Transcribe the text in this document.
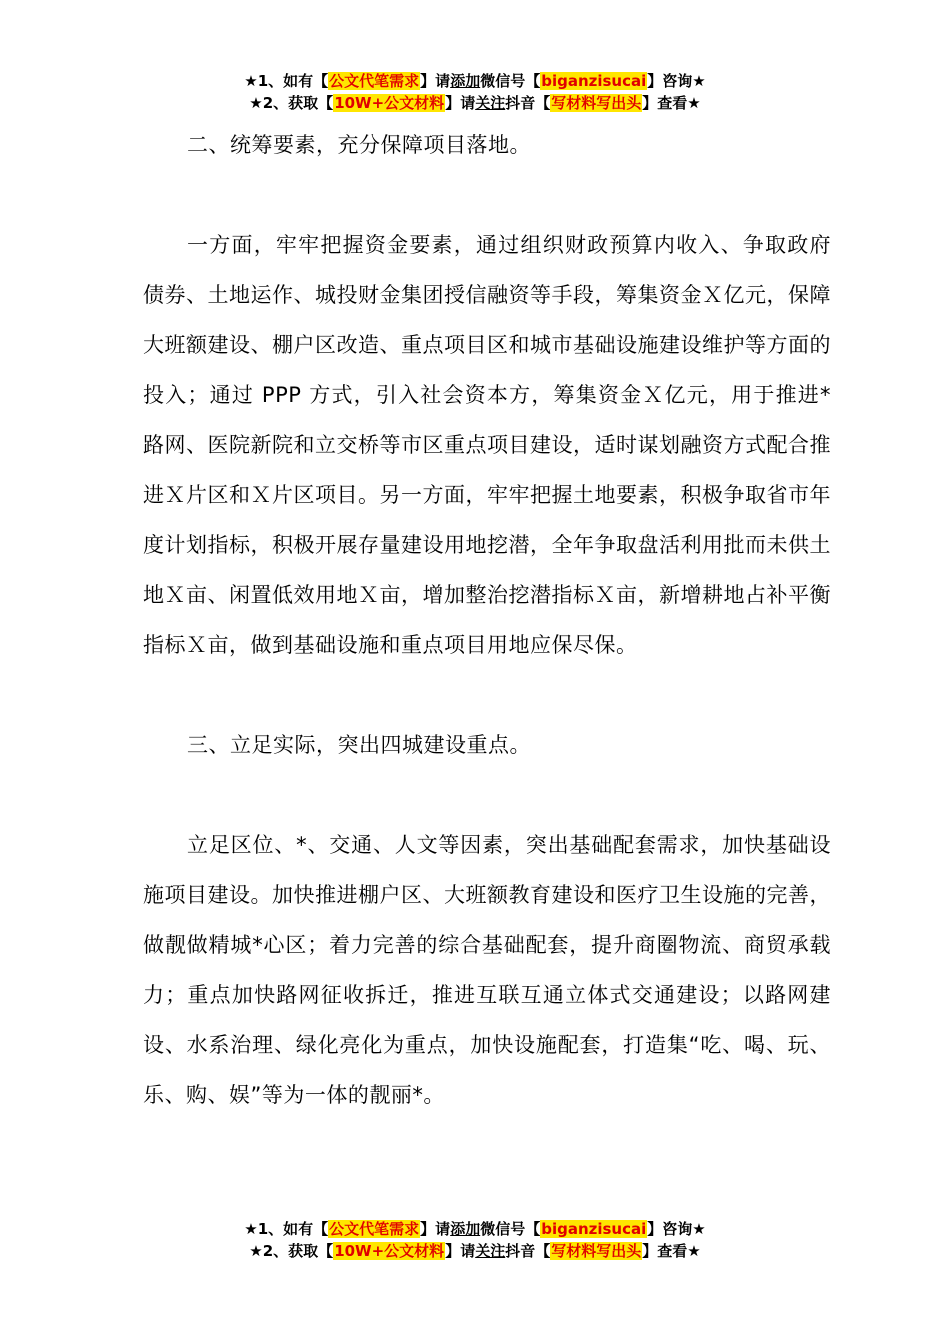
★1、如有【公文代笔需求】请添加微信号【biganzisucai】咨询★
★2、获取【10W+公文材料】请关注抖音【写材料写出头】查看★

二、统筹要素，充分保障项目落地。

一方面，牢牢把握资金要素，通过组织财政预算内收入、争取政府债券、土地运作、城投财金集团授信融资等手段，筹集资金Ｘ亿元，保障大班额建设、棚户区改造、重点项目区和城市基础设施建设维护等方面的投入；通过 PPP 方式，引入社会资本方，筹集资金Ｘ亿元，用于推进*路网、医院新院和立交桥等市区重点项目建设，适时谋划融资方式配合推进Ｘ片区和Ｘ片区项目。另一方面，牢牢把握土地要素，积极争取省市年度计划指标，积极开展存量建设用地挖潜，全年争取盘活利用批而未供土地Ｘ亩、闲置低效用地Ｘ亩，增加整治挖潜指标Ｘ亩，新增耕地占补平衡指标Ｘ亩，做到基础设施和重点项目用地应保尽保。

三、立足实际，突出四城建设重点。

立足区位、*、交通、人文等因素，突出基础配套需求，加快基础设施项目建设。加快推进棚户区、大班额教育建设和医疗卫生设施的完善，做靓做精城*心区；着力完善的综合基础配套，提升商圈物流、商贸承载力；重点加快路网征收拆迁，推进互联互通立体式交通建设；以路网建设、水系治理、绿化亮化为重点，加快设施配套，打造集“吃、喝、玩、乐、购、娱”等为一体的靓丽*。

★1、如有【公文代笔需求】请添加微信号【biganzisucai】咨询★
★2、获取【10W+公文材料】请关注抖音【写材料写出头】查看★
